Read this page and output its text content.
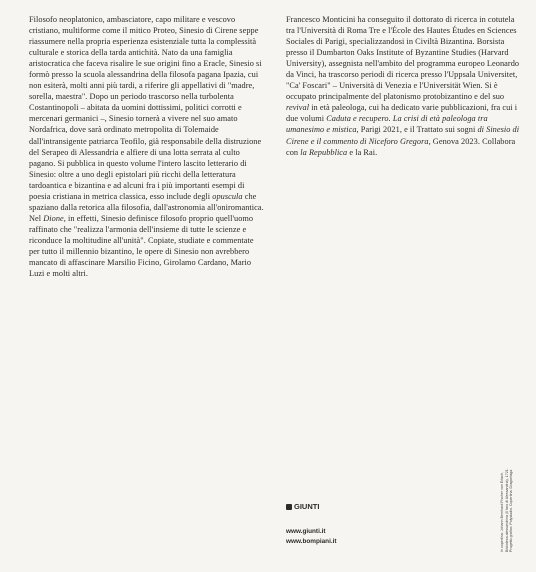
Filosofo neoplatonico, ambasciatore, capo militare e vescovo cristiano, multiforme come il mitico Proteo, Sinesio di Cirene seppe riassumere nella propria esperienza esistenziale tutta la complessità culturale e storica della tarda antichità. Nato da una famiglia aristocratica che faceva risalire le sue origini fino a Eracle, Sinesio si formò presso la scuola alessandrina della filosofa pagana Ipazia, cui non esiterà, molti anni più tardi, a riferire gli appellativi di "madre, sorella, maestra". Dopo un periodo trascorso nella turbolenta Costantinopoli – abitata da uomini dottissimi, politici corrotti e mercenari germanici –, Sinesio tornerà a vivere nel suo amato Nordafrica, dove sarà ordinato metropolita di Tolemaide dall'intransigente patriarca Teofilo, già responsabile della distruzione del Serapeo di Alessandria e alfiere di una lotta serrata al culto pagano. Si pubblica in questo volume l'intero lascito letterario di Sinesio: oltre a uno degli epistolari più ricchi della letteratura tardoantica e bizantina e ad alcuni fra i più importanti esempi di poesia cristiana in metrica classica, esso include degli opuscula che spaziano dalla retorica alla filosofia, dall'astronomia all'oniromantica. Nel Dione, in effetti, Sinesio definisce filosofo proprio quell'uomo raffinato che "realizza l'armonia dell'insieme di tutte le scienze e riconduce la moltitudine all'unità". Copiate, studiate e commentate per tutto il millennio bizantino, le opere di Sinesio non avrebbero mancato di affascinare Marsilio Ficino, Girolamo Cardano, Mario Luzi e molti altri.

Francesco Monticini ha conseguito il dottorato di ricerca in cotutela tra l'Università di Roma Tre e l'École des Hautes Études en Sciences Sociales di Parigi, specializzandosi in Civiltà Bizantina. Borsista presso il Dumbarton Oaks Institute of Byzantine Studies (Harvard University), assegnista nell'ambito del programma europeo Leonardo da Vinci, ha trascorso periodi di ricerca presso l'Uppsala Universitet, "Ca' Foscari" – Università di Venezia e l'Universität Wien. Si è occupato principalmente del platonismo protobizantino e del suo revival in età paleologa, cui ha dedicato varie pubblicazioni, fra cui i due volumi Caduta e recupero. La crisi di età paleologa tra umanesimo e mistica, Parigi 2021, e il Trattato sui sogni di Sinesio di Cirene e il commento di Niceforo Gregora, Genova 2023. Collabora con la Repubblica e la Rai.

GIUNTI
www.giunti.it
www.bompiani.it	In copertina: Johann Bernhard Fischer von Erlach, Biblioteca alessandrina (Il faro di Alessandria), 1721. Progetto grafico: Polystudio. Copertina: Dragonfaga
